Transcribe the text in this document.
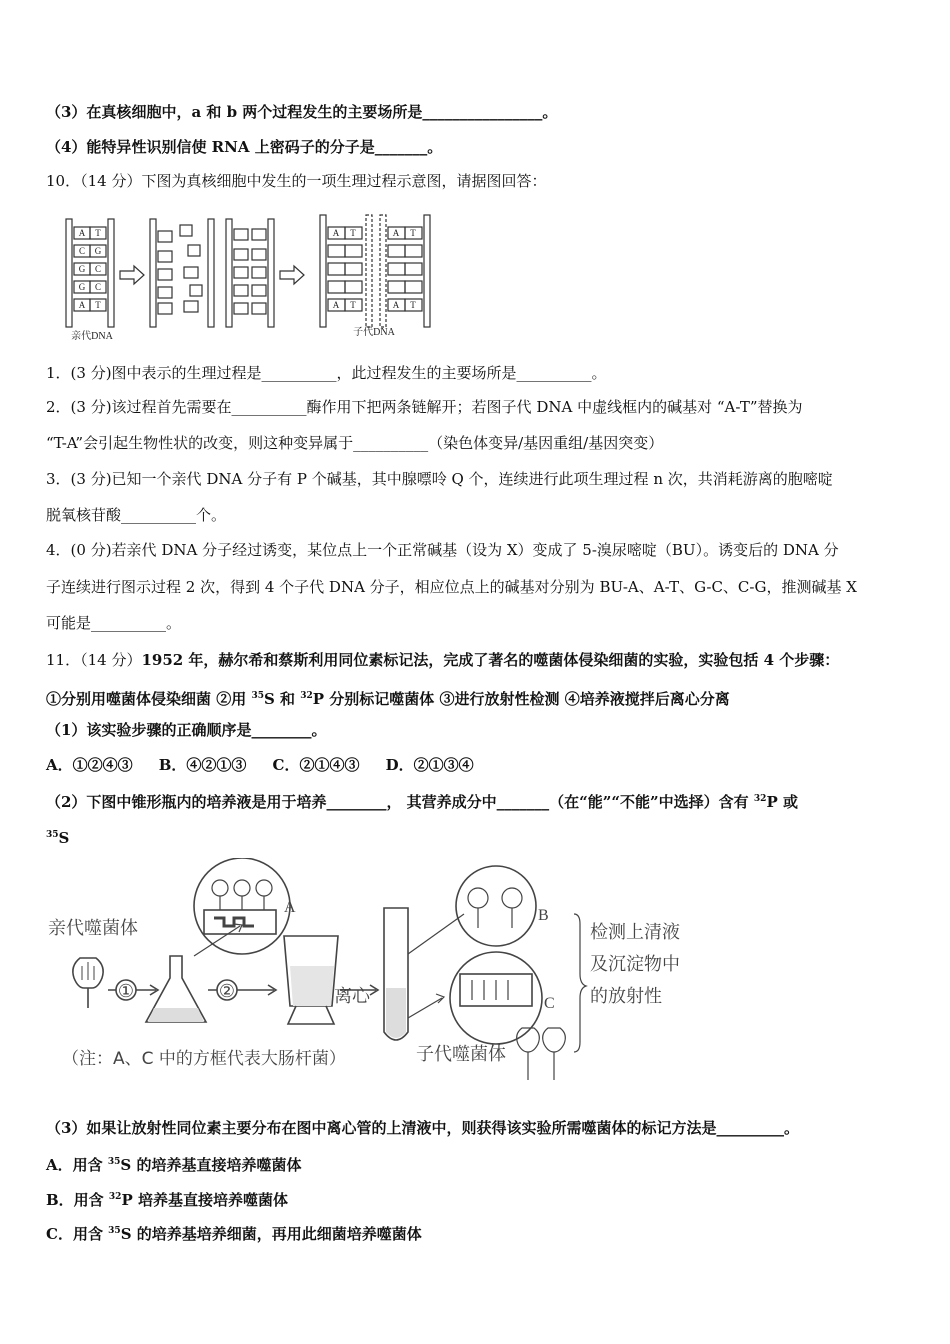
（3）在真核细胞中，a 和 b 两个过程发生的主要场所是________________。
（4）能特异性识别信使 RNA 上密码子的分子是_______。
10．（14 分）下图为真核细胞中发生的一项生理过程示意图，请据图回答：
A T
C G
G C
G C
A T
A T	A T
A T	A T
亲代DNA	子代DNA
1．(3 分)图中表示的生理过程是__________，此过程发生的主要场所是__________。
2．(3 分)该过程首先需要在__________酶作用下把两条链解开；若图子代 DNA 中虚线框内的碱基对 “A-T”替换为
“T-A”会引起生物性状的改变，则这种变异属于__________（染色体变异/基因重组/基因突变）
3．(3 分)已知一个亲代 DNA 分子有 P 个碱基，其中腺嘌呤 Q 个，连续进行此项生理过程 n 次，共消耗游离的胞嘧啶
脱氧核苷酸__________个。
4．(0 分)若亲代 DNA 分子经过诱变，某位点上一个正常碱基（设为 X）变成了 5-溴尿嘧啶（BU）。诱变后的 DNA 分
子连续进行图示过程 2 次，得到 4 个子代 DNA 分子，相应位点上的碱基对分别为 BU-A、A-T、G-C、C-G，推测碱基 X
可能是__________。
11．（14 分）1952 年，赫尔希和蔡斯利用同位素标记法，完成了著名的噬菌体侵染细菌的实验，实验包括 4 个步骤：
①分别用噬菌体侵染细菌 ②用 $^{35}$S 和 $^{32}$P 分别标记噬菌体 ③进行放射性检测 ④培养液搅拌后离心分离
（1）该实验步骤的正确顺序是________。
A．①②④③     B．④②①③     C．②①④③     D．②①③④
（2）下图中锥形瓶内的培养液是用于培养________， 其营养成分中_______（在“能”“不能”中选择）含有 $^{32}$P 或
$^{35}$S
亲代噬菌体
①	②
A
离心
B
C
检测上清液
及沉淀物中
的放射性
子代噬菌体
（注：A、C 中的方框代表大肠杆菌）
（3）如果让放射性同位素主要分布在图中离心管的上清液中，则获得该实验所需噬菌体的标记方法是_________。
A．用含 $^{35}$S 的培养基直接培养噬菌体
B．用含 $^{32}$P 培养基直接培养噬菌体
C．用含 $^{35}$S 的培养基培养细菌，再用此细菌培养噬菌体
